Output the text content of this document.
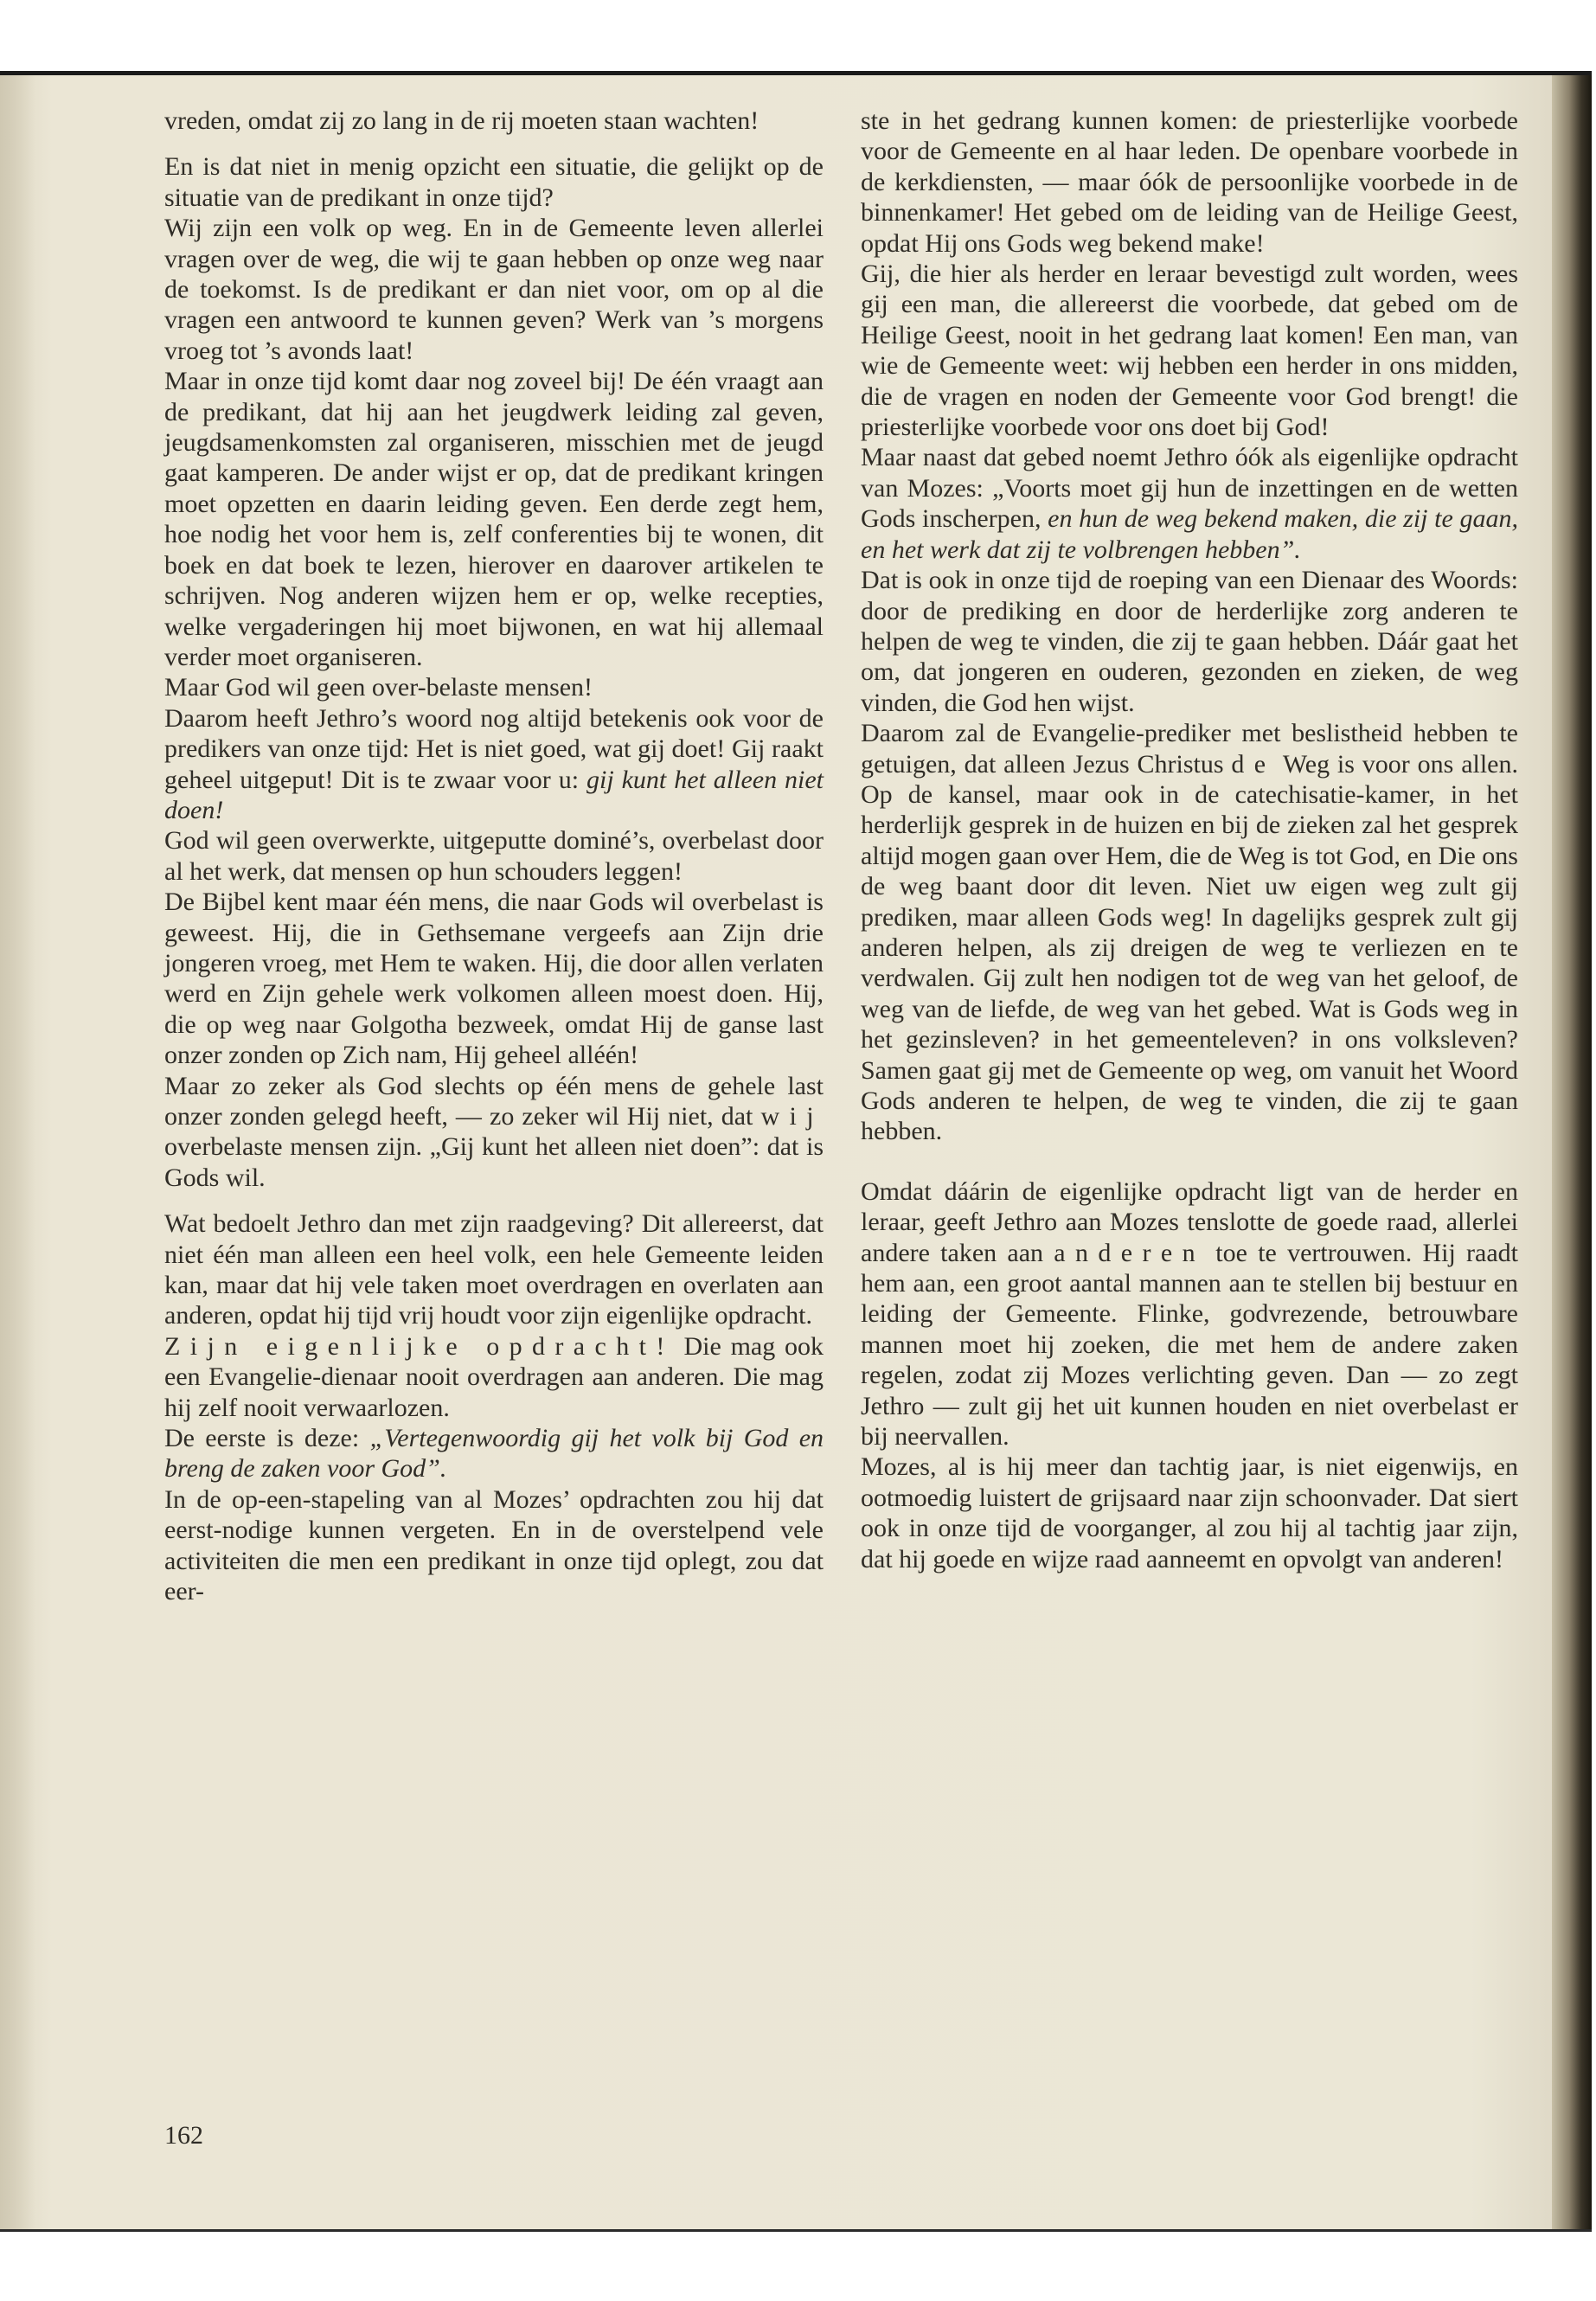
vreden, omdat zij zo lang in de rij moeten staan wachten!

En is dat niet in menig opzicht een situatie, die gelijkt op de situatie van de predikant in onze tijd?

Wij zijn een volk op weg. En in de Gemeente leven allerlei vragen over de weg, die wij te gaan hebben op onze weg naar de toekomst. Is de predikant er dan niet voor, om op al die vragen een antwoord te kunnen geven? Werk van ’s morgens vroeg tot ’s avonds laat!

Maar in onze tijd komt daar nog zoveel bij! De één vraagt aan de predikant, dat hij aan het jeugdwerk leiding zal geven, jeugdsamenkomsten zal organiseren, misschien met de jeugd gaat kamperen. De ander wijst er op, dat de predikant kringen moet opzetten en daarin leiding geven. Een derde zegt hem, hoe nodig het voor hem is, zelf conferenties bij te wonen, dit boek en dat boek te lezen, hierover en daarover artikelen te schrijven. Nog anderen wijzen hem er op, welke recepties, welke vergaderingen hij moet bijwonen, en wat hij allemaal verder moet organiseren.

Maar God wil geen over-belaste mensen!

Daarom heeft Jethro’s woord nog altijd betekenis ook voor de predikers van onze tijd: Het is niet goed, wat gij doet! Gij raakt geheel uitgeput! Dit is te zwaar voor u: gij kunt het alleen niet doen!

God wil geen overwerkte, uitgeputte dominé’s, overbelast door al het werk, dat mensen op hun schouders leggen!

De Bijbel kent maar één mens, die naar Gods wil overbelast is geweest. Hij, die in Gethsemane vergeefs aan Zijn drie jongeren vroeg, met Hem te waken. Hij, die door allen verlaten werd en Zijn gehele werk volkomen alleen moest doen. Hij, die op weg naar Golgotha bezweek, omdat Hij de ganse last onzer zonden op Zich nam, Hij geheel alléén!

Maar zo zeker als God slechts op één mens de gehele last onzer zonden gelegd heeft, — zo zeker wil Hij niet, dat wij overbelaste mensen zijn. „Gij kunt het alleen niet doen”: dat is Gods wil.

Wat bedoelt Jethro dan met zijn raadgeving? Dit allereerst, dat niet één man alleen een heel volk, een hele Gemeente leiden kan, maar dat hij vele taken moet overdragen en overlaten aan anderen, opdat hij tijd vrij houdt voor zijn eigenlijke opdracht.

Zijn eigenlijke opdracht! Die mag ook een Evangelie-dienaar nooit overdragen aan anderen. Die mag hij zelf nooit verwaarlozen.

De eerste is deze: „Vertegenwoordig gij het volk bij God en breng de zaken voor God”.

In de op-een-stapeling van al Mozes’ opdrachten zou hij dat eerst-nodige kunnen vergeten. En in de overstelpend vele activiteiten die men een predikant in onze tijd oplegt, zou dat eer-

ste in het gedrang kunnen komen: de priesterlijke voorbede voor de Gemeente en al haar leden. De openbare voorbede in de kerkdiensten, — maar óók de persoonlijke voorbede in de binnenkamer! Het gebed om de leiding van de Heilige Geest, opdat Hij ons Gods weg bekend make!

Gij, die hier als herder en leraar bevestigd zult worden, wees gij een man, die allereerst die voorbede, dat gebed om de Heilige Geest, nooit in het gedrang laat komen! Een man, van wie de Gemeente weet: wij hebben een herder in ons midden, die de vragen en noden der Gemeente voor God brengt! die priesterlijke voorbede voor ons doet bij God!

Maar naast dat gebed noemt Jethro óók als eigenlijke opdracht van Mozes: „Voorts moet gij hun de inzettingen en de wetten Gods inscherpen, en hun de weg bekend maken, die zij te gaan, en het werk dat zij te volbrengen hebben”.

Dat is ook in onze tijd de roeping van een Dienaar des Woords: door de prediking en door de herderlijke zorg anderen te helpen de weg te vinden, die zij te gaan hebben. Dáár gaat het om, dat jongeren en ouderen, gezonden en zieken, de weg vinden, die God hen wijst.

Daarom zal de Evangelie-prediker met beslistheid hebben te getuigen, dat alleen Jezus Christus de Weg is voor ons allen. Op de kansel, maar ook in de catechisatie-kamer, in het herderlijk gesprek in de huizen en bij de zieken zal het gesprek altijd mogen gaan over Hem, die de Weg is tot God, en Die ons de weg baant door dit leven. Niet uw eigen weg zult gij prediken, maar alleen Gods weg! In dagelijks gesprek zult gij anderen helpen, als zij dreigen de weg te verliezen en te verdwalen. Gij zult hen nodigen tot de weg van het geloof, de weg van de liefde, de weg van het gebed. Wat is Gods weg in het gezinsleven? in het gemeenteleven? in ons volksleven? Samen gaat gij met de Gemeente op weg, om vanuit het Woord Gods anderen te helpen, de weg te vinden, die zij te gaan hebben.

Omdat dáárin de eigenlijke opdracht ligt van de herder en leraar, geeft Jethro aan Mozes tenslotte de goede raad, allerlei andere taken aan anderen toe te vertrouwen. Hij raadt hem aan, een groot aantal mannen aan te stellen bij bestuur en leiding der Gemeente. Flinke, godvrezende, betrouwbare mannen moet hij zoeken, die met hem de andere zaken regelen, zodat zij Mozes verlichting geven. Dan — zo zegt Jethro — zult gij het uit kunnen houden en niet overbelast er bij neervallen.

Mozes, al is hij meer dan tachtig jaar, is niet eigenwijs, en ootmoedig luistert de grijsaard naar zijn schoonvader. Dat siert ook in onze tijd de voorganger, al zou hij al tachtig jaar zijn, dat hij goede en wijze raad aanneemt en opvolgt van anderen!

162
